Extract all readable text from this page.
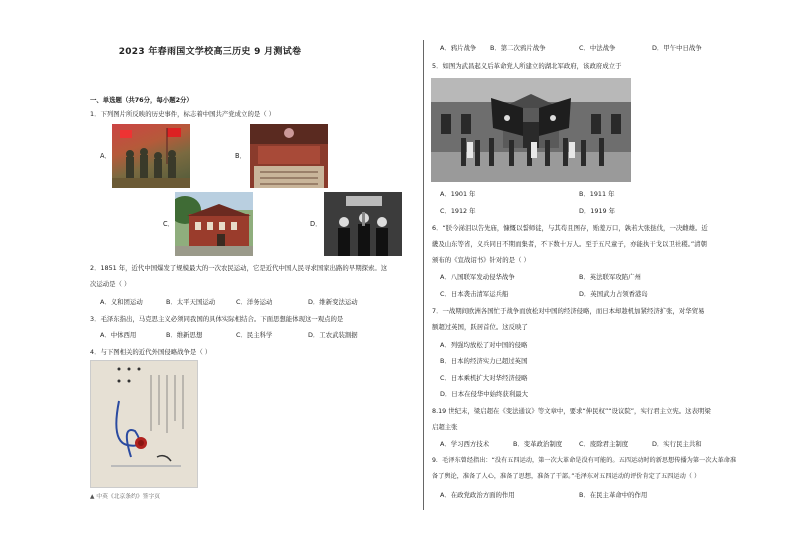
2023 年春雨国文学校高三历史 9 月测试卷
一、单选题（共76分，每小题2分）
1．下列图片所反映的历史事件，标志着中国共产党成立的是（ ）
A．	B．
C．	D．
2．1851 年，近代中国爆发了规模最大的一次农民运动，它是近代中国人民寻求国家出路的早期探索。这
次运动是（ ）
A．义和团运动	B．太平天国运动	C．洋务运动	D．维新变法运动
3．毛泽东指出，马克思主义必须同我国的具体实际相结合。下面思想能体现这一观点的是
A．中体西用	B．维新思想	C．民主科学	D．工农武装割据
4．与下图相关的近代外国侵略战争是（ ）
▲ 中英《北京条约》签字页
A．鸦片战争 B．第二次鸦片战争	C．中法战争	D．甲午中日战争
5．如图为武昌起义后革命党人所建立的湖北军政府，该政府成立于
A．1901 年	B．1911 年
C．1912 年	D．1919 年
6．“朕今涕泪以告先庙，慷慨以誓师徒，与其苟且图存，贻羞万口，孰若大张挞伐，一决雌雄。近
畿及山东等省，义兵同日不期而集者，不下数十万人。至于五尺童子，亦能执干戈以卫社稷。”清朝
颁布的《宣战诏书》针对的是（ ）
A．八国联军发动侵华战争	B．英法联军攻陷广州
C．日本袭击清军运兵船	D．英国武力占领香港岛
7．一战期间欧洲各国忙于战争而放松对中国的经济侵略，而日本却趁机加紧经济扩张，对华贸易
额超过英国，跃居首位。这反映了
A．列强均放松了对中国的侵略
B．日本的经济实力已超过英国
C．日本乘机扩大对华经济侵略
D．日本在侵华中始终获利最大
8.19 世纪末，梁启超在《变法通议》等文章中，要求“伸民权”“设议院”，实行君主立宪。这表明梁
启超主张
A．学习西方技术	B．变革政治制度	C．废除君主制度	D．实行民主共和
9．毛泽东曾经指出：“没有五四运动，第一次大革命是没有可能的。五四运动时的新思想传播为第一次大革命准
备了舆论，准备了人心，准备了思想，准备了干部。”毛泽东对五四运动的评价肯定了五四运动（ ）
A．在政党政治方面的作用	B．在民主革命中的作用
